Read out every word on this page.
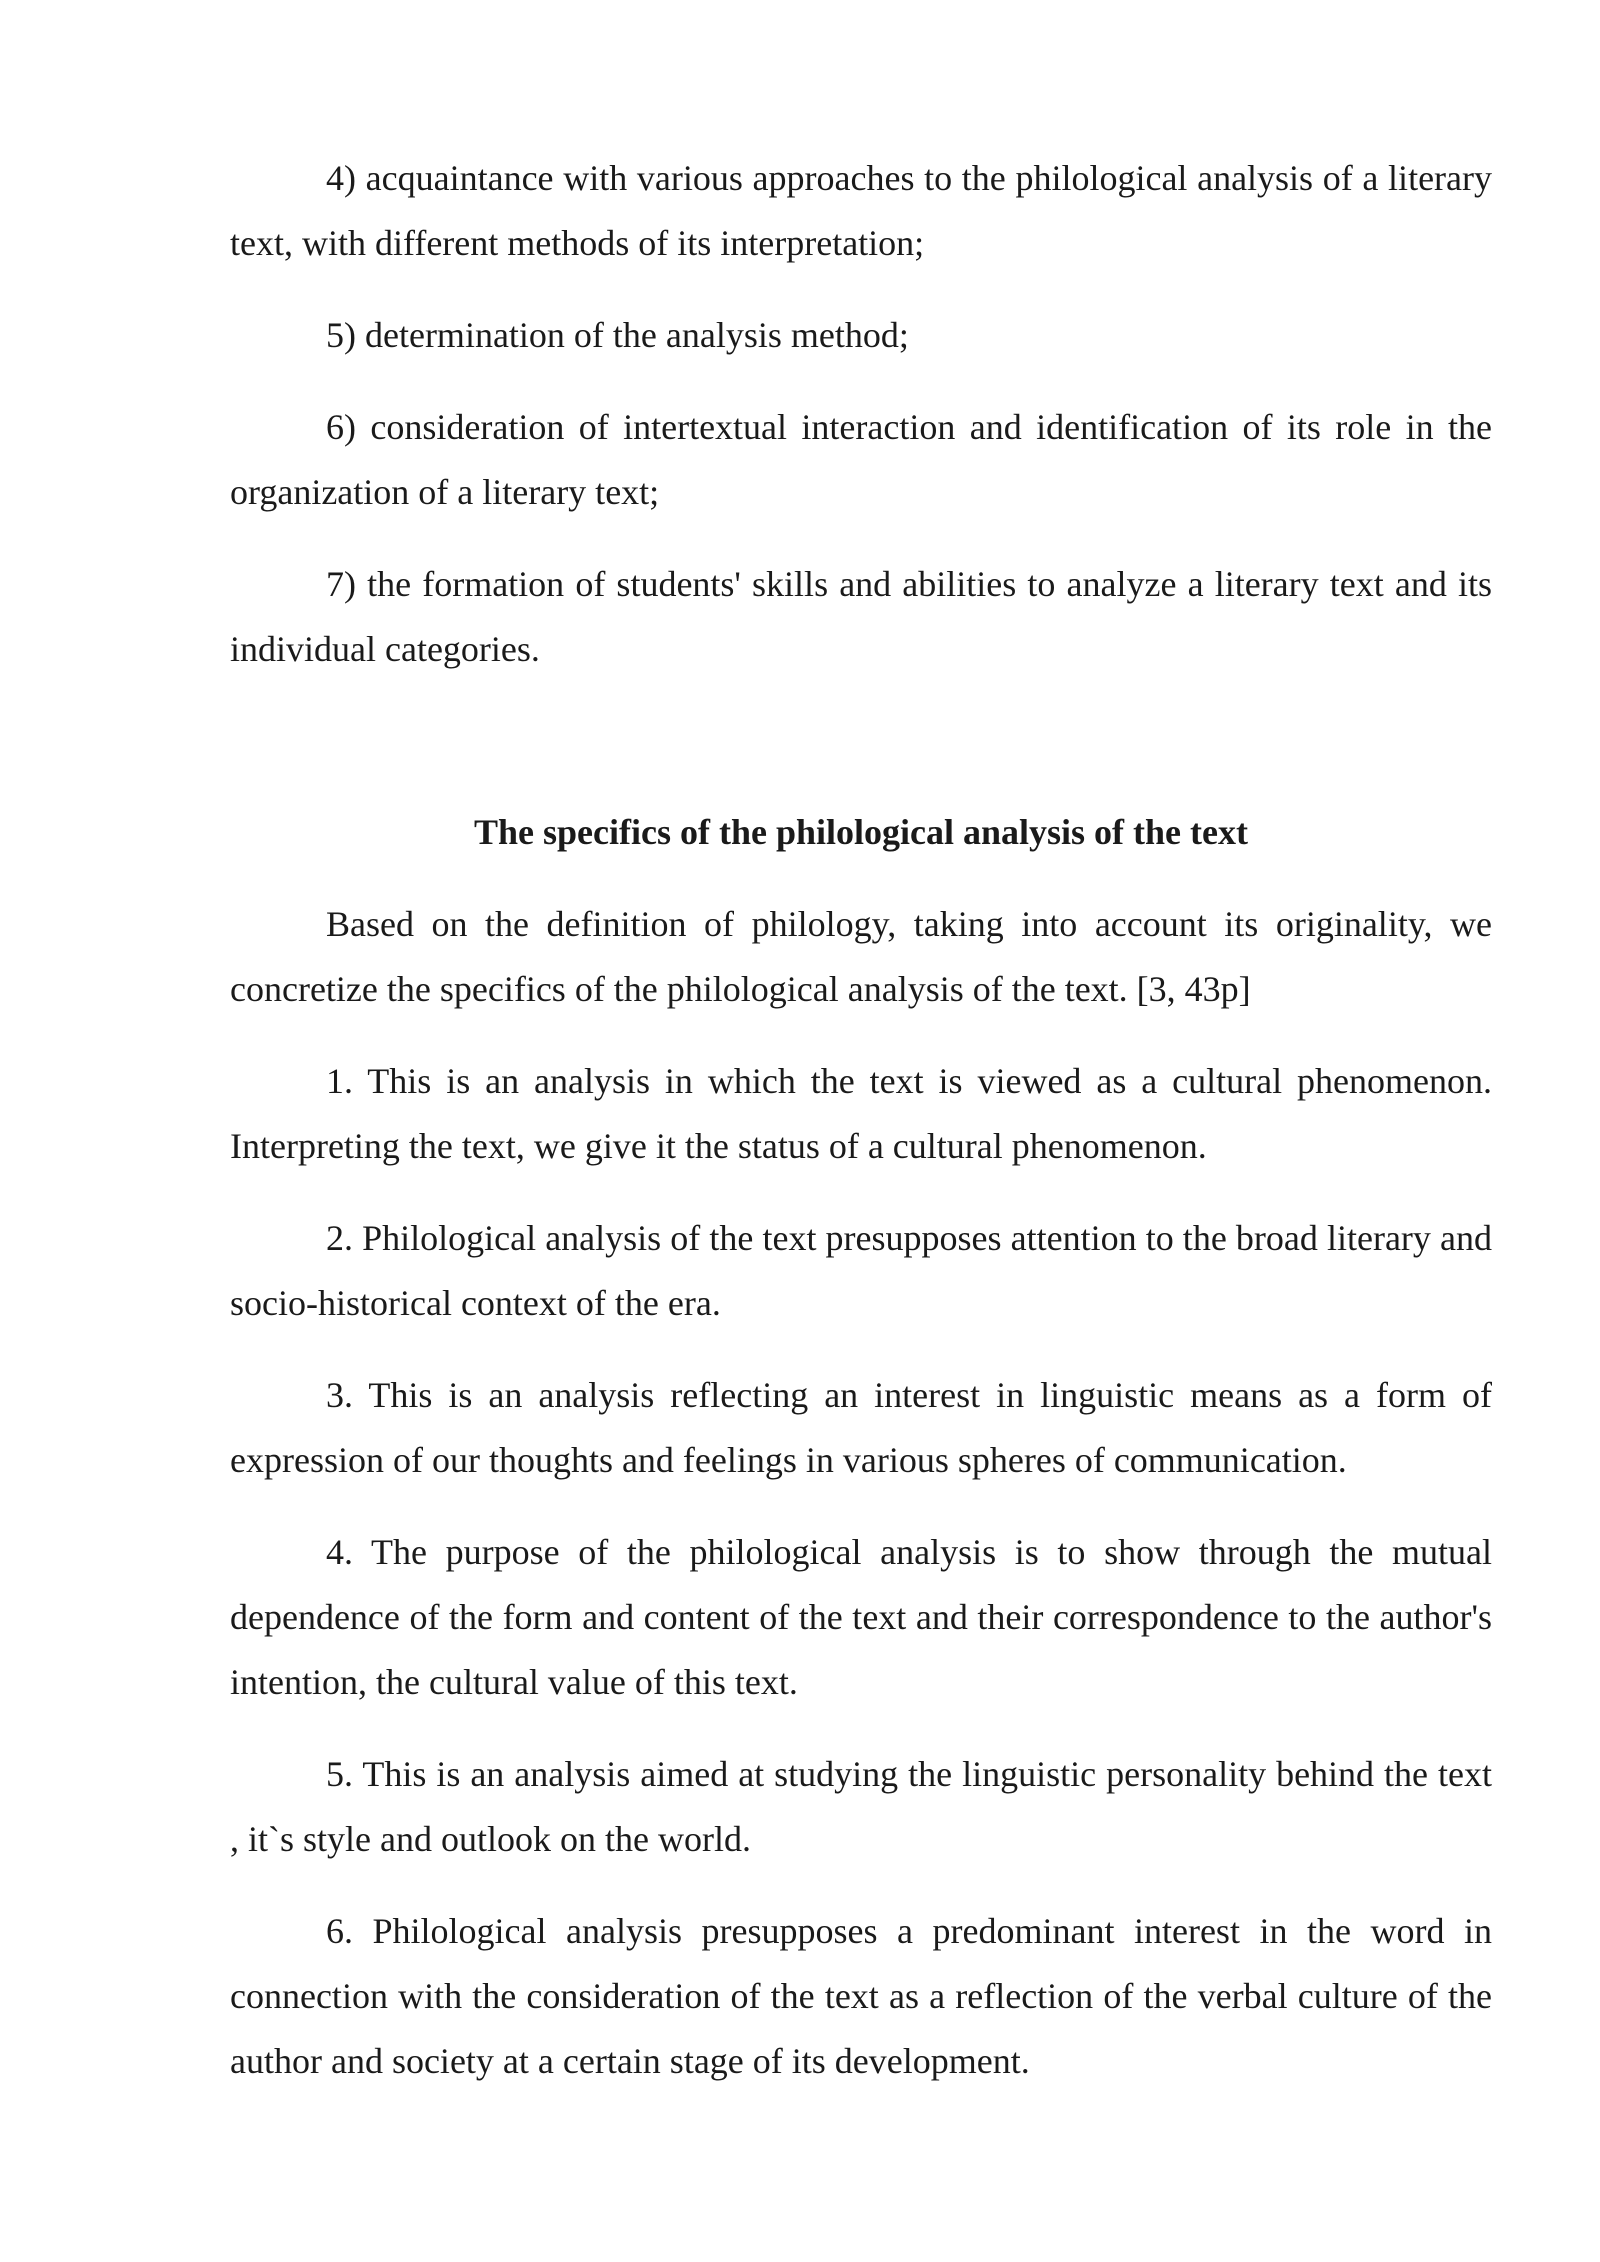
4) acquaintance with various approaches to the philological analysis of a literary text, with different methods of its interpretation;

5) determination of the analysis method;

6) consideration of intertextual interaction and identification of its role in the organization of a literary text;

7) the formation of students' skills and abilities to analyze a literary text and its individual categories.

The specifics of the philological analysis of the text

Based on the definition of philology, taking into account its originality, we concretize the specifics of the philological analysis of the text. [3, 43p]

1. This is an analysis in which the text is viewed as a cultural phenomenon. Interpreting the text, we give it the status of a cultural phenomenon.

2. Philological analysis of the text presupposes attention to the broad literary and socio-historical context of the era.

3. This is an analysis reflecting an interest in linguistic means as a form of expression of our thoughts and feelings in various spheres of communication.

4. The purpose of the philological analysis is to show through the mutual dependence of the form and content of the text and their correspondence to the author's intention, the cultural value of this text.

5. This is an analysis aimed at studying the linguistic personality behind the text , it`s style and outlook on the world.

6. Philological analysis presupposes a predominant interest in the word in connection with the consideration of the text as a reflection of the verbal culture of the author and society at a certain stage of its development.
